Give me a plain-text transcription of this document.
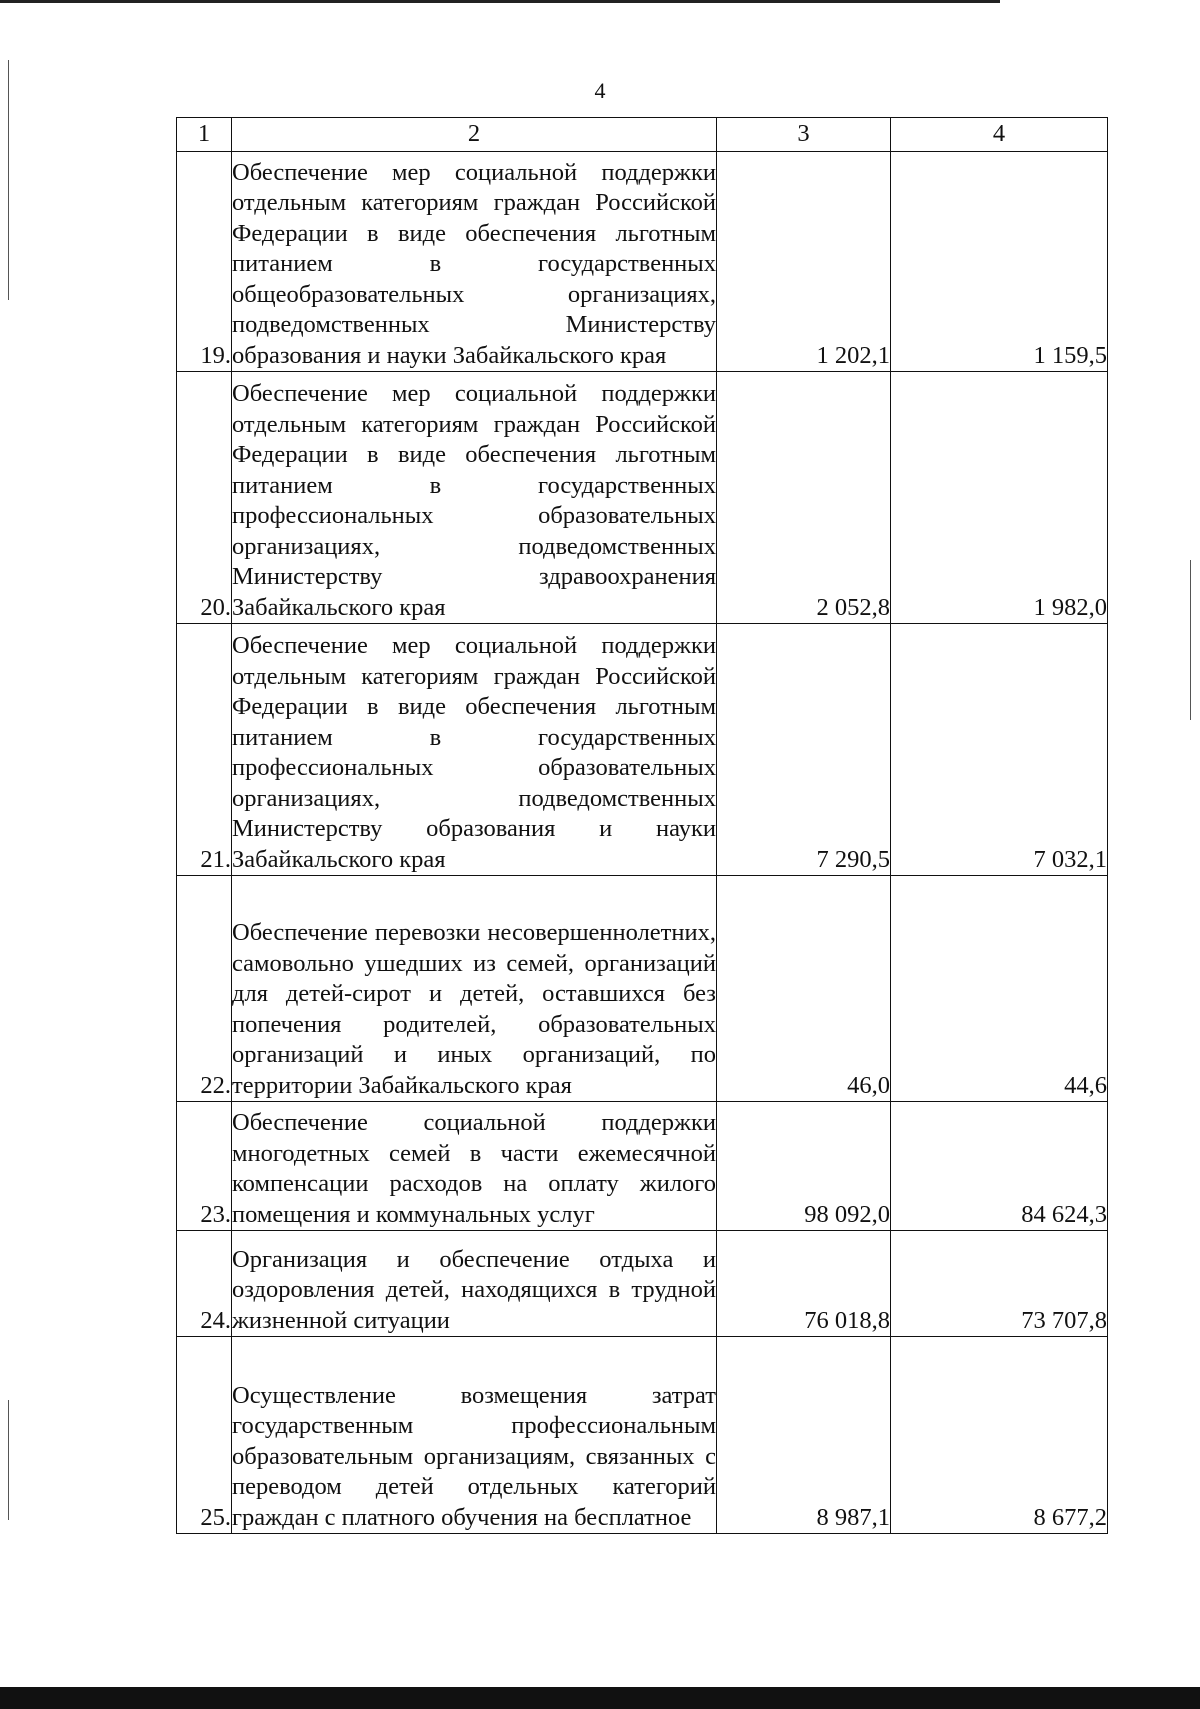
4
1	2	3	4
19.	Обеспечение мер социальной поддержки отдельным категориям граждан Российской Федерации в виде обеспечения льготным питанием в государственных общеобразовательных организациях, подведомственных Министерству образования и науки Забайкальского края	1 202,1	1 159,5
20.	Обеспечение мер социальной поддержки отдельным категориям граждан Российской Федерации в виде обеспечения льготным питанием в государственных профессиональных образовательных организациях, подведомственных Министерству здравоохранения Забайкальского края	2 052,8	1 982,0
21.	Обеспечение мер социальной поддержки отдельным категориям граждан Российской Федерации в виде обеспечения льготным питанием в государственных профессиональных образовательных организациях, подведомственных Министерству образования и науки Забайкальского края	7 290,5	7 032,1
22.	Обеспечение перевозки несовершеннолетних, самовольно ушедших из семей, организаций для детей-сирот и детей, оставшихся без попечения родителей, образовательных организаций и иных организаций, по территории Забайкальского края	46,0	44,6
23.	Обеспечение социальной поддержки многодетных семей в части ежемесячной компенсации расходов на оплату жилого помещения и коммунальных услуг	98 092,0	84 624,3
24.	Организация и обеспечение отдыха и оздоровления детей, находящихся в трудной жизненной ситуации	76 018,8	73 707,8
25.	Осуществление возмещения затрат государственным профессиональным образовательным организациям, связанных с переводом детей отдельных категорий граждан с платного обучения на бесплатное	8 987,1	8 677,2
